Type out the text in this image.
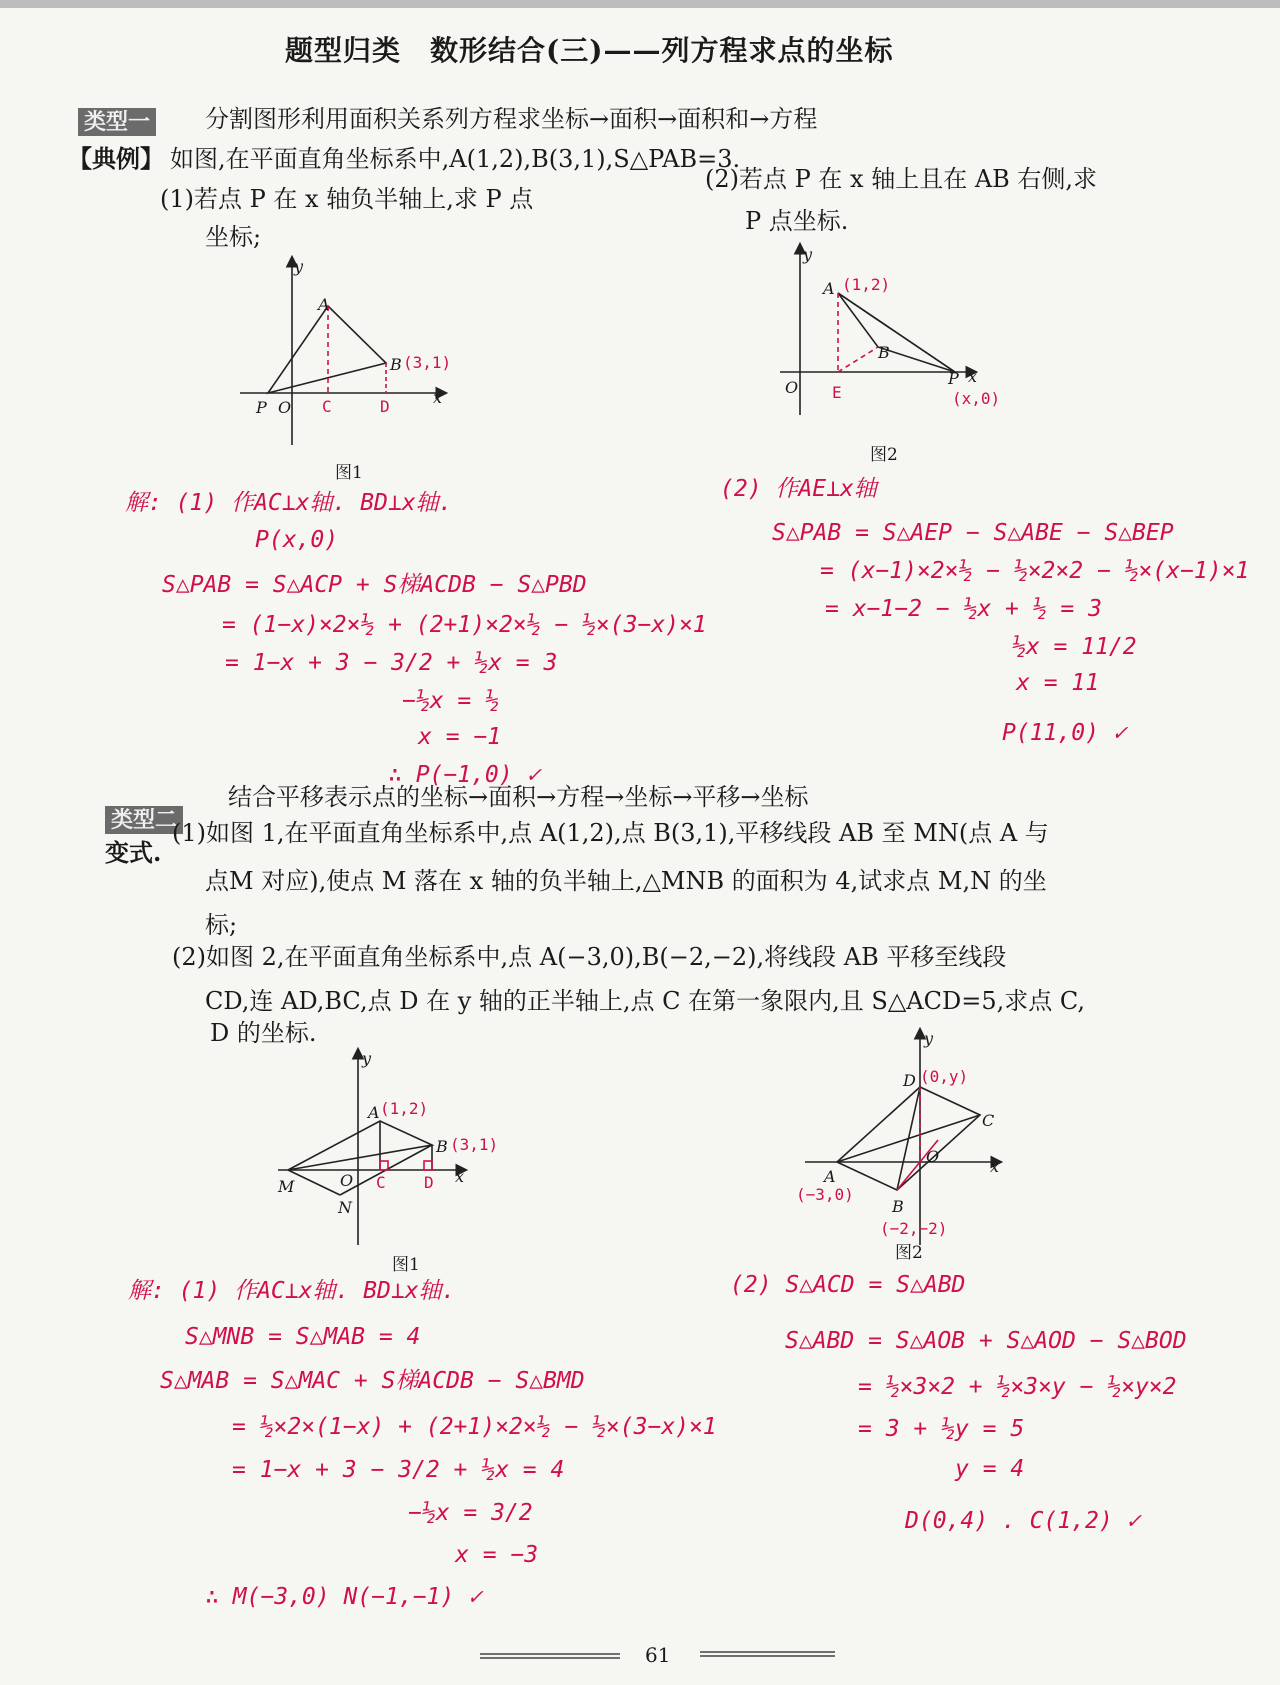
题型归类　数形结合(三)——列方程求点的坐标
类型一 分割图形利用面积关系列方程求坐标→面积→面积和→方程
【典例】 如图,在平面直角坐标系中,A(1,2),B(3,1),S△PAB=3.
(1)若点 P 在 x 轴负半轴上,求 P 点
坐标;
(2)若点 P 在 x 轴上且在 AB 右侧,求
P 点坐标.
y
x
P O
A
B (3,1)
C	D
图1
y
x
O
A (1,2)
B
E
P
(x,0)
图2
解: (1) 作AC⊥x轴. BD⊥x轴.
P(x,0)
S△PAB = S△ACP + S梯ACDB − S△PBD
= (1−x)×2×½ + (2+1)×2×½ − ½×(3−x)×1
= 1−x + 3 − 3/2 + ½x = 3
−½x = ½
x = −1
∴ P(−1,0) ✓
(2) 作AE⊥x轴
S△PAB = S△AEP − S△ABE − S△BEP
= (x−1)×2×½ − ½×2×2 − ½×(x−1)×1
= x−1−2 − ½x + ½ = 3
½x = 11/2
x = 11
P(11,0) ✓
类型二
结合平移表示点的坐标→面积→方程→坐标→平移→坐标
变式.
(1)如图 1,在平面直角坐标系中,点 A(1,2),点 B(3,1),平移线段 AB 至 MN(点 A 与
点M 对应),使点 M 落在 x 轴的负半轴上,△MNB 的面积为 4,试求点 M,N 的坐
标;
(2)如图 2,在平面直角坐标系中,点 A(−3,0),B(−2,−2),将线段 AB 平移至线段
CD,连 AD,BC,点 D 在 y 轴的正半轴上,点 C 在第一象限内,且 S△ACD=5,求点 C,
D 的坐标.
y
x
M	O
N
A (1,2)
B (3,1)
C D
图1
y
x
D (0,y)
C
A
(−3,0)
B
(−2,−2)
O
图2
解: (1) 作AC⊥x轴. BD⊥x轴.
S△MNB = S△MAB = 4
S△MAB = S△MAC + S梯ACDB − S△BMD
= ½×2×(1−x) + (2+1)×2×½ − ½×(3−x)×1
= 1−x + 3 − 3/2 + ½x = 4
−½x = 3/2
x = −3
∴ M(−3,0) N(−1,−1) ✓
(2) S△ACD = S△ABD
S△ABD = S△AOB + S△AOD − S△BOD
= ½×3×2 + ½×3×y − ½×y×2
= 3 + ½y = 5
y = 4
D(0,4) . C(1,2) ✓
61
